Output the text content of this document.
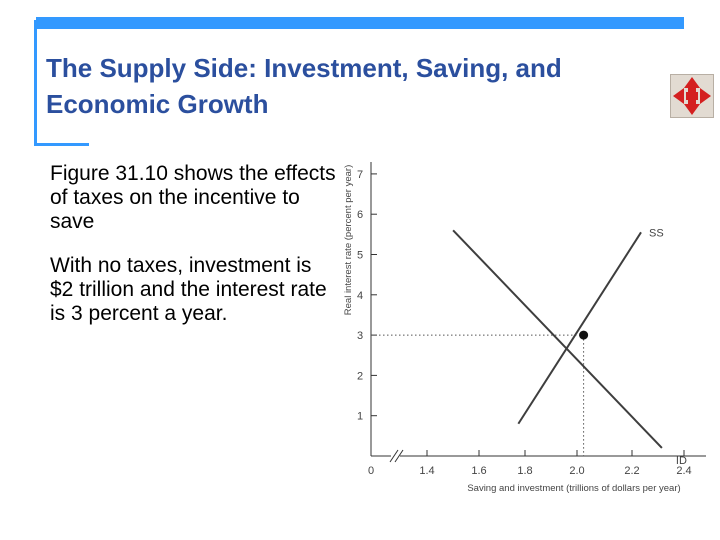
The Supply Side: Investment, Saving, and Economic Growth

Figure 31.10 shows the effects of taxes on the incentive to save

With no taxes, investment is $2 trillion and the interest rate is 3 percent a year.

1
2
3
4
5
6
7
0	1.4	1.6	1.8	2.0	2.2	2.4
Saving and investment (trillions of dollars per year)
Real interest rate (percent per year)	SS
ID
